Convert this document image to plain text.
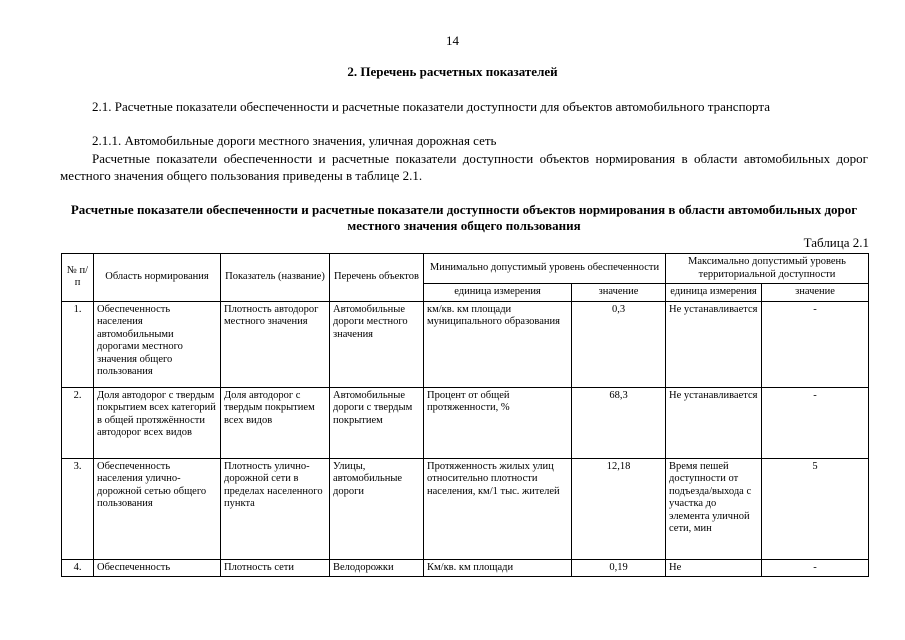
14
2. Перечень расчетных показателей
2.1. Расчетные показатели обеспеченности и расчетные показатели доступности для объектов автомобильного транспорта
2.1.1. Автомобильные дороги местного значения, уличная дорожная сеть
Расчетные показатели обеспеченности и расчетные показатели доступности объектов нормирования в области автомобильных дорог местного значения общего пользования приведены в таблице 2.1.
Расчетные показатели обеспеченности и расчетные показатели доступности объектов нормирования в области автомобильных дорог местного значения общего пользования
Таблица 2.1
№ п/п	Область нормирования	Показатель (название)	Перечень объектов	Минимально допустимый уровень обеспеченности		Максимально допустимый уровень территориальной доступности	
				единица измерения	значение	единица измерения	значение
1.	Обеспеченность населения автомобильными дорогами местного значения общего пользования	Плотность автодорог местного значения	Автомобильные дороги местного значения	км/кв. км площади муниципального образования	0,3	Не устанавливается	-
2.	Доля автодорог с твердым покрытием всех категорий в общей протяжённости автодорог всех видов	Доля автодорог с твердым покрытием всех видов	Автомобильные дороги с твердым покрытием	Процент от общей протяженности, %	68,3	Не устанавливается	-
3.	Обеспеченность населения улично-дорожной сетью общего пользования	Плотность улично-дорожной сети в пределах населенного пункта	Улицы, автомобильные дороги	Протяженность жилых улиц относительно плотности населения, км/1 тыс. жителей	12,18	Время пешей доступности от подъезда/выхода с участка до элемента уличной сети, мин	5
4.	Обеспеченность	Плотность сети	Велодорожки	Км/кв. км площади	0,19	Не	-
